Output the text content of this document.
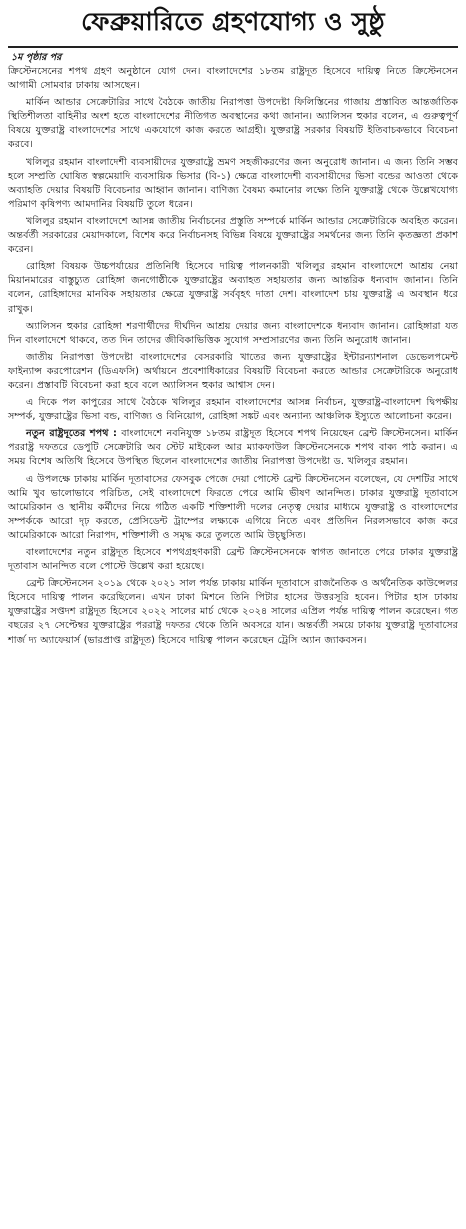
ফেব্রুয়ারিতে গ্রহণযোগ্য ও সুষ্ঠু
১ম পৃষ্ঠার পর

ক্রিস্টেনসেনের শপথ গ্রহণ অনুষ্ঠানে যোগ দেন। বাংলাদেশের ১৮তম রাষ্ট্রদূত হিসেবে দায়িত্ব নিতে ক্রিস্টেনসেন আগামী সোমবার ঢাকায় আসছেন।

মার্কিন আন্ডার সেক্রেটারির সাথে বৈঠকে জাতীয় নিরাপত্তা উপদেষ্টা ফিলিস্তিনের গাজায় প্রস্তাবিত আন্তর্জাতিক স্থিতিশীলতা বাহিনীর অংশ হতে বাংলাদেশের নীতিগত অবস্থানের কথা জানান। অ্যালিসন হুকার বলেন, এ গুরুত্বপূর্ণ বিষয়ে যুক্তরাষ্ট্র বাংলাদেশের সাথে একযোগে কাজ করতে আগ্রহী। যুক্তরাষ্ট্র সরকার বিষয়টি ইতিবাচকভাবে বিবেচনা করবে।

খলিলুর রহমান বাংলাদেশী ব্যবসায়ীদের যুক্তরাষ্ট্রে ভ্রমণ সহজীকরণের জন্য অনুরোধ জানান। এ জন্য তিনি সম্ভব হলে সম্প্রতি ঘোষিত স্বল্পমেয়াদি ব্যবসায়িক ভিসার (বি-১) ক্ষেত্রে বাংলাদেশী ব্যবসায়ীদের ভিসা বন্ডের আওতা থেকে অব্যাহতি দেয়ার বিষয়টি বিবেচনার আহ্বান জানান। বাণিজ্য বৈষম্য কমানোর লক্ষ্যে তিনি যুক্তরাষ্ট্র থেকে উল্লেখযোগ্য পরিমাণ কৃষিপণ্য আমদানির বিষয়টি তুলে ধরেন।

খলিলুর রহমান বাংলাদেশে আসন্ন জাতীয় নির্বাচনের প্রস্তুতি সম্পর্কে মার্কিন আন্ডার সেক্রেটারিকে অবহিত করেন। অন্তর্বর্তী সরকারের মেয়াদকালে, বিশেষ করে নির্বাচনসহ বিভিন্ন বিষয়ে যুক্তরাষ্ট্রের সমর্থনের জন্য তিনি কৃতজ্ঞতা প্রকাশ করেন।

রোহিঙ্গা বিষয়ক উচ্চপর্যায়ের প্রতিনিধি হিসেবে দায়িত্ব পালনকারী খলিলুর রহমান বাংলাদেশে আশ্রয় নেয়া মিয়ানমারের বাস্তুচ্যুত রোহিঙ্গা জনগোষ্ঠীকে যুক্তরাষ্ট্রের অব্যাহত সহায়তার জন্য আন্তরিক ধন্যবাদ জানান। তিনি বলেন, রোহিঙ্গাদের মানবিক সহায়তার ক্ষেত্রে যুক্তরাষ্ট্র সর্ববৃহৎ দাতা দেশ। বাংলাদেশ চায় যুক্তরাষ্ট্র এ অবস্থান ধরে রাখুক।

অ্যালিসন হুকার রোহিঙ্গা শরণার্থীদের দীর্ঘদিন আশ্রয় দেয়ার জন্য বাংলাদেশকে ধন্যবাদ জানান। রোহিঙ্গারা যত দিন বাংলাদেশে থাকবে, তত দিন তাদের জীবিকাভিত্তিক সুযোগ সম্প্রসারণের জন্য তিনি অনুরোধ জানান।

জাতীয় নিরাপত্তা উপদেষ্টা বাংলাদেশের বেসরকারি খাতের জন্য যুক্তরাষ্ট্রের ইন্টারন্যাশনাল ডেভেলপমেন্ট ফাইন্যান্স করপোরেশন (ডিএফসি) অর্থায়নে প্রবেশাধিকারের বিষয়টি বিবেচনা করতে আন্ডার সেক্রেটারিকে অনুরোধ করেন। প্রস্তাবটি বিবেচনা করা হবে বলে অ্যালিসন হুকার আশ্বাস দেন।

এ দিকে পল কাপুরের সাথে বৈঠকে খলিলুর রহমান বাংলাদেশের আসন্ন নির্বাচন, যুক্তরাষ্ট্র-বাংলাদেশ দ্বিপক্ষীয় সম্পর্ক, যুক্তরাষ্ট্রের ভিসা বন্ড, বাণিজ্য ও বিনিয়োগ, রোহিঙ্গা সঙ্কট এবং অন্যান্য আঞ্চলিক ইস্যুতে আলোচনা করেন।

নতুন রাষ্ট্রদূতের শপথ : বাংলাদেশে নবনিযুক্ত ১৮তম রাষ্ট্রদূত হিসেবে শপথ নিয়েছেন ব্রেন্ট ক্রিস্টেনসেন। মার্কিন পররাষ্ট্র দফতরে ডেপুটি সেক্রেটারি অব স্টেট মাইকেল আর ম্যাকফাউল ক্রিস্টেনসেনকে শপথ বাক্য পাঠ করান। এ সময় বিশেষ অতিথি হিসেবে উপস্থিত ছিলেন বাংলাদেশের জাতীয় নিরাপত্তা উপদেষ্টা ড. খলিলুর রহমান।

এ উপলক্ষে ঢাকায় মার্কিন দূতাবাসের ফেসবুক পেজে দেয়া পোস্টে ব্রেন্ট ক্রিস্টেনসেন বলেছেন, যে দেশটির সাথে আমি খুব ভালোভাবে পরিচিত, সেই বাংলাদেশে ফিরতে পেরে আমি ভীষণ আনন্দিত। ঢাকার যুক্তরাষ্ট্র দূতাবাসে আমেরিকান ও স্থানীয় কর্মীদের নিয়ে গঠিত একটি শক্তিশালী দলের নেতৃত্ব দেয়ার মাধ্যমে যুক্তরাষ্ট্র ও বাংলাদেশের সম্পর্ককে আরো দৃঢ় করতে, প্রেসিডেন্ট ট্রাম্পের লক্ষ্যকে এগিয়ে নিতে এবং প্রতিদিন নিরলসভাবে কাজ করে আমেরিকাকে আরো নিরাপদ, শক্তিশালী ও সমৃদ্ধ করে তুলতে আমি উচ্ছ্বসিত।

বাংলাদেশের নতুন রাষ্ট্রদূত হিসেবে শপথগ্রহণকারী ব্রেন্ট ক্রিস্টেনসেনকে স্বাগত জানাতে পেরে ঢাকার যুক্তরাষ্ট্র দূতাবাস আনন্দিত বলে পোস্টে উল্লেখ করা হয়েছে।

ব্রেন্ট ক্রিস্টেনসেন ২০১৯ থেকে ২০২১ সাল পর্যন্ত ঢাকায় মার্কিন দূতাবাসে রাজনৈতিক ও অর্থনৈতিক কাউন্সেলর হিসেবে দায়িত্ব পালন করেছিলেন। এখন ঢাকা মিশনে তিনি পিটার হাসের উত্তরসূরি হবেন। পিটার হাস ঢাকায় যুক্তরাষ্ট্রের সপ্তদশ রাষ্ট্রদূত হিসেবে ২০২২ সালের মার্চ থেকে ২০২৪ সালের এপ্রিল পর্যন্ত দায়িত্ব পালন করেছেন। গত বছরের ২৭ সেপ্টেম্বর যুক্তরাষ্ট্রের পররাষ্ট্র দফতর থেকে তিনি অবসরে যান। অন্তর্বর্তী সময়ে ঢাকায় যুক্তরাষ্ট্র দূতাবাসের শার্জ দ্য অ্যাফেয়ার্স (ভারপ্রাপ্ত রাষ্ট্রদূত) হিসেবে দায়িত্ব পালন করেছেন ট্রেসি অ্যান জ্যাকবসন।
